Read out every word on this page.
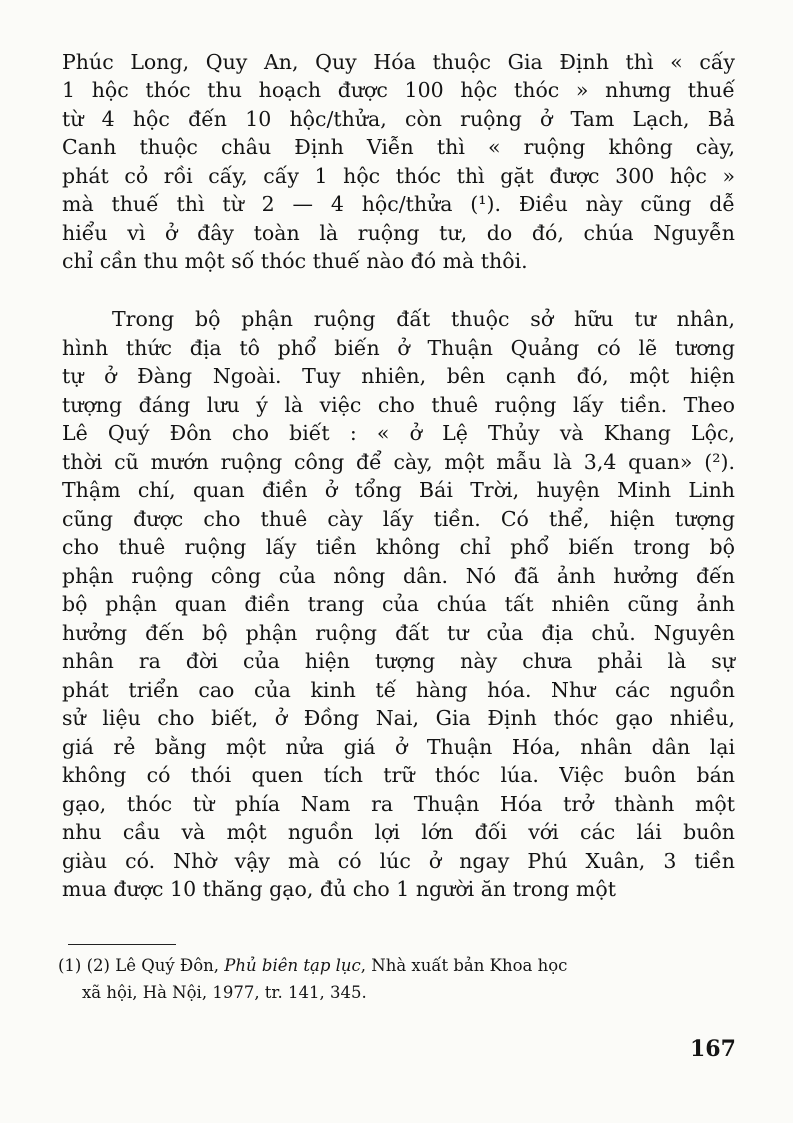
Phúc Long, Quy An, Quy Hóa thuộc Gia Định thì « cấy
1 hộc thóc thu hoạch được 100 hộc thóc » nhưng thuế
từ 4 hộc đến 10 hộc/thửa, còn ruộng ở Tam Lạch, Bả
Canh thuộc châu Định Viễn thì « ruộng không cày,
phát cỏ rồi cấy, cấy 1 hộc thóc thì gặt được 300 hộc »
mà thuế thì từ 2 — 4 hộc/thửa (¹). Điều này cũng dễ
hiểu vì ở đây toàn là ruộng tư, do đó, chúa Nguyễn
chỉ cần thu một số thóc thuế nào đó mà thôi.
Trong bộ phận ruộng đất thuộc sở hữu tư nhân,
hình thức địa tô phổ biến ở Thuận Quảng có lẽ tương
tự ở Đàng Ngoài. Tuy nhiên, bên cạnh đó, một hiện
tượng đáng lưu ý là việc cho thuê ruộng lấy tiền. Theo
Lê Quý Đôn cho biết : « ở Lệ Thủy và Khang Lộc,
thời cũ mướn ruộng công để cày, một mẫu là 3,4 quan» (²).
Thậm chí, quan điền ở tổng Bái Trời, huyện Minh Linh
cũng được cho thuê cày lấy tiền. Có thể, hiện tượng
cho thuê ruộng lấy tiền không chỉ phổ biến trong bộ
phận ruộng công của nông dân. Nó đã ảnh hưởng đến
bộ phận quan điền trang của chúa tất nhiên cũng ảnh
hưởng đến bộ phận ruộng đất tư của địa chủ. Nguyên
nhân ra đời của hiện tượng này chưa phải là sự
phát triển cao của kinh tế hàng hóa. Như các nguồn
sử liệu cho biết, ở Đồng Nai, Gia Định thóc gạo nhiều,
giá rẻ bằng một nửa giá ở Thuận Hóa, nhân dân lại
không có thói quen tích trữ thóc lúa. Việc buôn bán
gạo, thóc từ phía Nam ra Thuận Hóa trở thành một
nhu cầu và một nguồn lợi lớn đối với các lái buôn
giàu có. Nhờ vậy mà có lúc ở ngay Phú Xuân, 3 tiền
mua được 10 thăng gạo, đủ cho 1 người ăn trong một
(1) (2) Lê Quý Đôn, Phủ biên tạp lục, Nhà xuất bản Khoa học
xã hội, Hà Nội, 1977, tr. 141, 345.
167
